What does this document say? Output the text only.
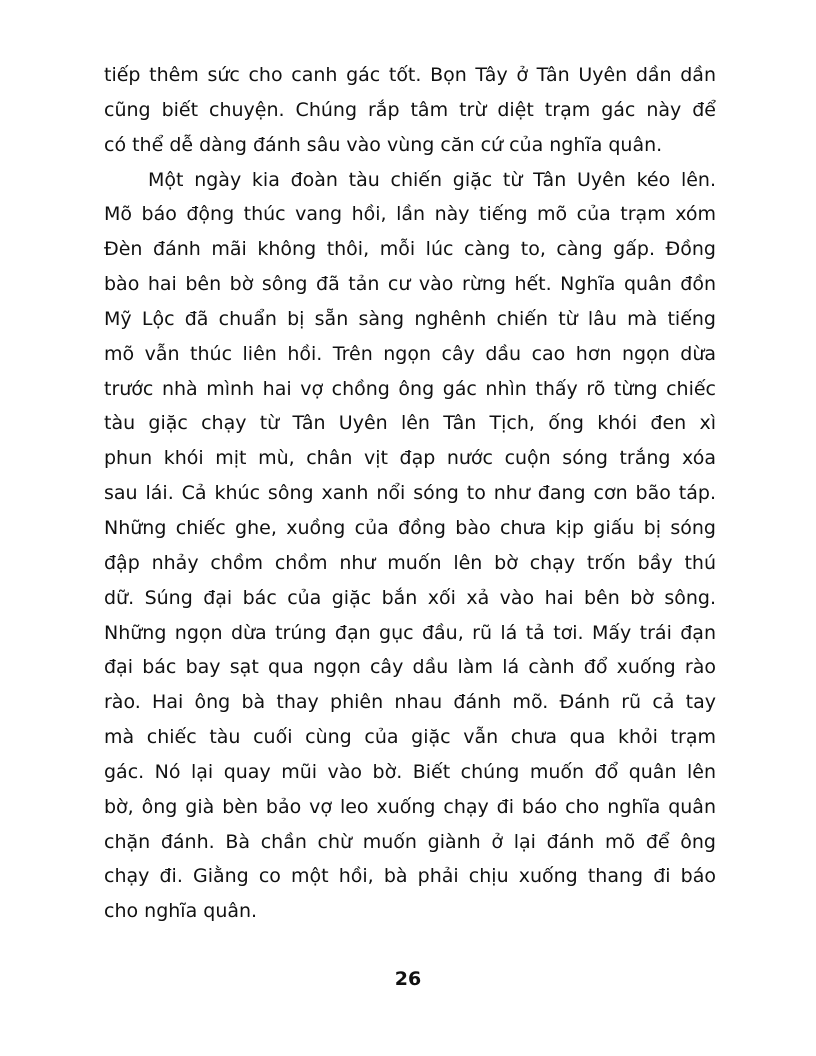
tiếp thêm sức cho canh gác tốt. Bọn Tây ở Tân Uyên dần dần
cũng biết chuyện. Chúng rắp tâm trừ diệt trạm gác này để
có thể dễ dàng đánh sâu vào vùng căn cứ của nghĩa quân.
Một ngày kia đoàn tàu chiến giặc từ Tân Uyên kéo lên.
Mõ báo động thúc vang hồi, lần này tiếng mõ của trạm xóm
Đèn đánh mãi không thôi, mỗi lúc càng to, càng gấp. Đồng
bào hai bên bờ sông đã tản cư vào rừng hết. Nghĩa quân đồn
Mỹ Lộc đã chuẩn bị sẵn sàng nghênh chiến từ lâu mà tiếng
mõ vẫn thúc liên hồi. Trên ngọn cây dầu cao hơn ngọn dừa
trước nhà mình hai vợ chồng ông gác nhìn thấy rõ từng chiếc
tàu giặc chạy từ Tân Uyên lên Tân Tịch, ống khói đen xì
phun khói mịt mù, chân vịt đạp nước cuộn sóng trắng xóa
sau lái. Cả khúc sông xanh nổi sóng to như đang cơn bão táp.
Những chiếc ghe, xuồng của đồng bào chưa kịp giấu bị sóng
đập nhảy chồm chồm như muốn lên bờ chạy trốn bầy thú
dữ. Súng đại bác của giặc bắn xối xả vào hai bên bờ sông.
Những ngọn dừa trúng đạn gục đầu, rũ lá tả tơi. Mấy trái đạn
đại bác bay sạt qua ngọn cây dầu làm lá cành đổ xuống rào
rào. Hai ông bà thay phiên nhau đánh mõ. Đánh rũ cả tay
mà chiếc tàu cuối cùng của giặc vẫn chưa qua khỏi trạm
gác. Nó lại quay mũi vào bờ. Biết chúng muốn đổ quân lên
bờ, ông già bèn bảo vợ leo xuống chạy đi báo cho nghĩa quân
chặn đánh. Bà chần chừ muốn giành ở lại đánh mõ để ông
chạy đi. Giằng co một hồi, bà phải chịu xuống thang đi báo
cho nghĩa quân.
26
